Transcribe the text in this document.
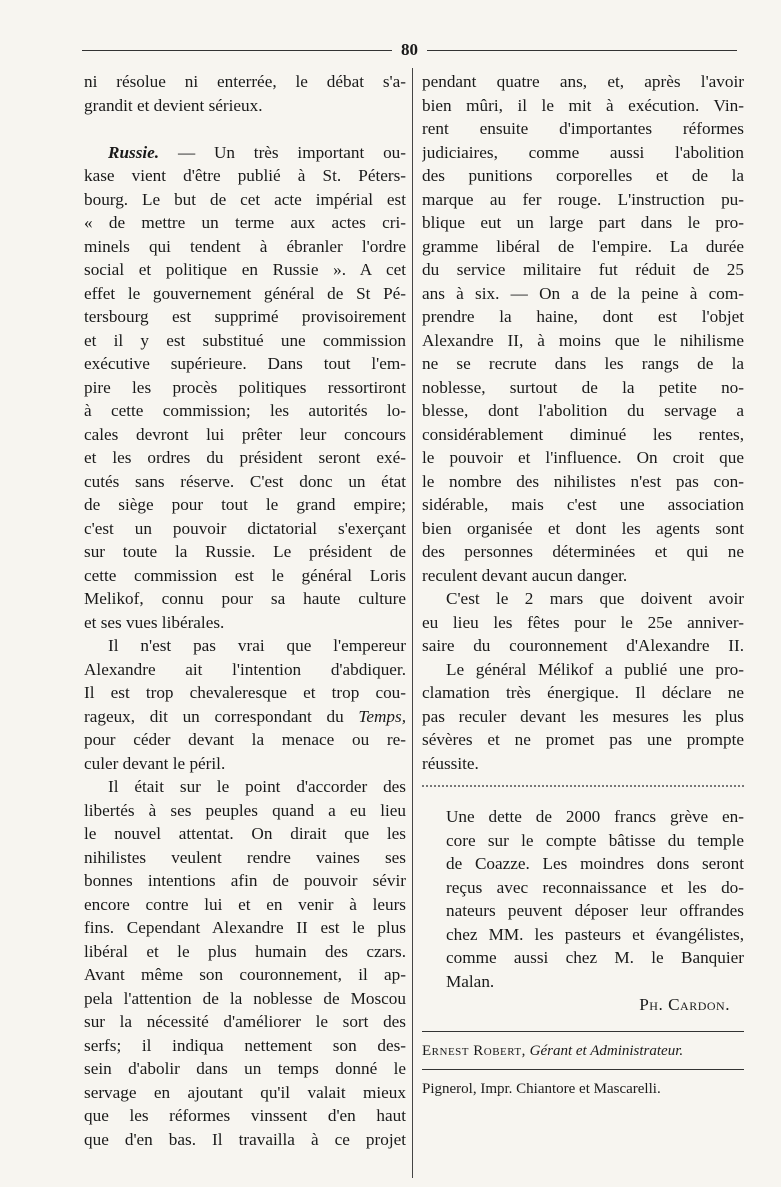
80
ni résolue ni enterrée, le débat s'a-
grandit et devient sérieux.
Russie. — Un très important ou-
kase vient d'être publié à St. Péters-
bourg. Le but de cet acte impérial est
« de mettre un terme aux actes cri-
minels qui tendent à ébranler l'ordre
social et politique en Russie ». A cet
effet le gouvernement général de St Pé-
tersbourg est supprimé provisoirement
et il y est substitué une commission
exécutive supérieure. Dans tout l'em-
pire les procès politiques ressortiront
à cette commission; les autorités lo-
cales devront lui prêter leur concours
et les ordres du président seront exé-
cutés sans réserve. C'est donc un état
de siège pour tout le grand empire;
c'est un pouvoir dictatorial s'exerçant
sur toute la Russie. Le président de
cette commission est le général Loris
Melikof, connu pour sa haute culture
et ses vues libérales.
Il n'est pas vrai que l'empereur
Alexandre ait l'intention d'abdiquer.
Il est trop chevaleresque et trop cou-
rageux, dit un correspondant du Temps,
pour céder devant la menace ou re-
culer devant le péril.
Il était sur le point d'accorder des
libertés à ses peuples quand a eu lieu
le nouvel attentat. On dirait que les
nihilistes veulent rendre vaines ses
bonnes intentions afin de pouvoir sévir
encore contre lui et en venir à leurs
fins. Cependant Alexandre II est le plus
libéral et le plus humain des czars.
Avant même son couronnement, il ap-
pela l'attention de la noblesse de Moscou
sur la nécessité d'améliorer le sort des
serfs; il indiqua nettement son des-
sein d'abolir dans un temps donné le
servage en ajoutant qu'il valait mieux
que les réformes vinssent d'en haut
que d'en bas. Il travailla à ce projet
pendant quatre ans, et, après l'avoir
bien mûri, il le mit à exécution. Vin-
rent ensuite d'importantes réformes
judiciaires, comme aussi l'abolition
des punitions corporelles et de la
marque au fer rouge. L'instruction pu-
blique eut un large part dans le pro-
gramme libéral de l'empire. La durée
du service militaire fut réduit de 25
ans à six. — On a de la peine à com-
prendre la haine, dont est l'objet
Alexandre II, à moins que le nihilisme
ne se recrute dans les rangs de la
noblesse, surtout de la petite no-
blesse, dont l'abolition du servage a
considérablement diminué les rentes,
le pouvoir et l'influence. On croit que
le nombre des nihilistes n'est pas con-
sidérable, mais c'est une association
bien organisée et dont les agents sont
des personnes déterminées et qui ne
reculent devant aucun danger.
C'est le 2 mars que doivent avoir
eu lieu les fêtes pour le 25e anniver-
saire du couronnement d'Alexandre II.
Le général Mélikof a publié une pro-
clamation très énergique. Il déclare ne
pas reculer devant les mesures les plus
sévères et ne promet pas une prompte
réussite.
Une dette de 2000 francs grève en-
core sur le compte bâtisse du temple
de Coazze. Les moindres dons seront
reçus avec reconnaissance et les do-
nateurs peuvent déposer leur offrandes
chez MM. les pasteurs et évangélistes,
comme aussi chez M. le Banquier
Malan.
Ph. Cardon.
Ernest Robert, Gérant et Administrateur.
Pignerol, Impr. Chiantore et Mascarelli.
